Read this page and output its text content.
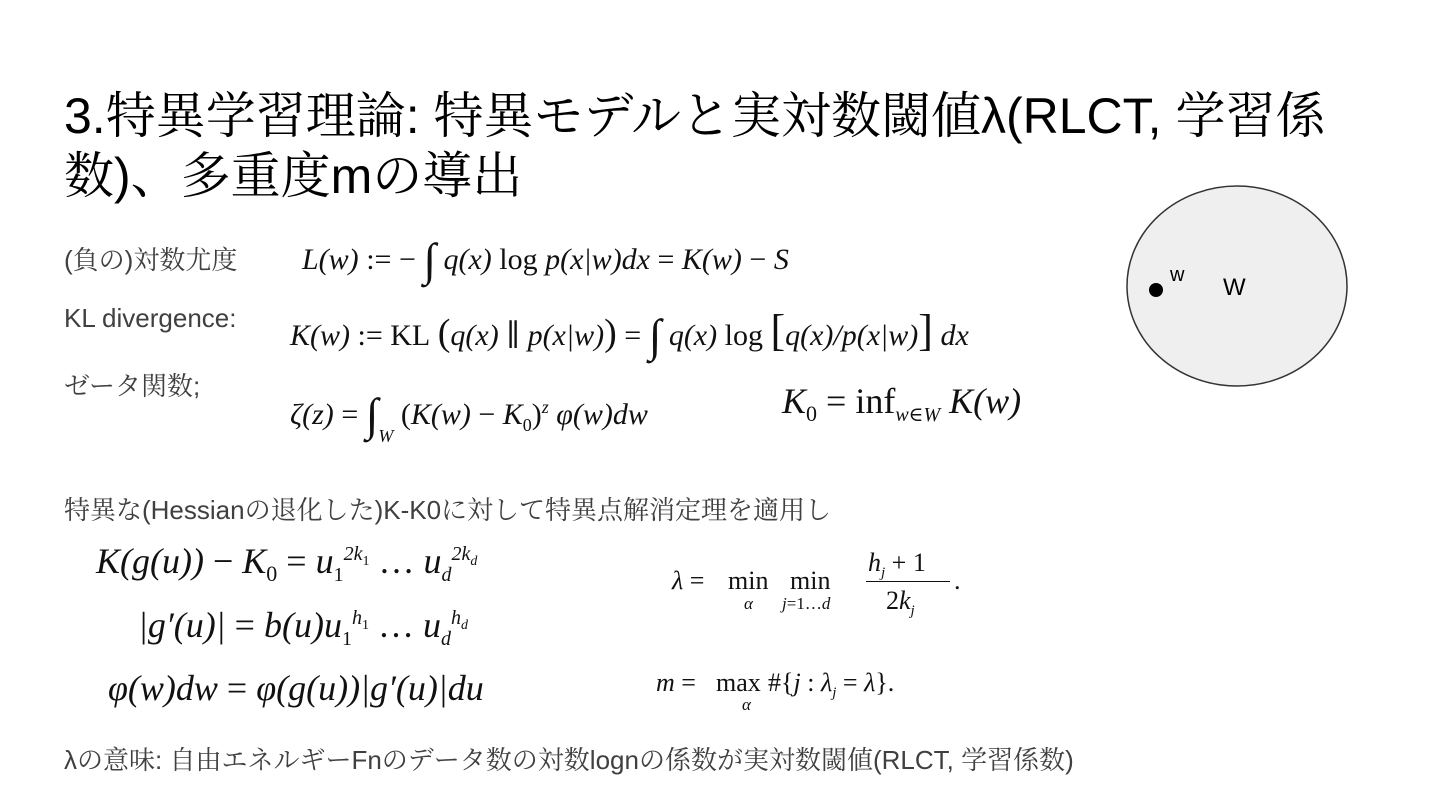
3.特異学習理論: 特異モデルと実対数閾値λ(RLCT, 学習係数)、多重度mの導出
(負の)対数尤度
KL divergence:
ゼータ関数;
L(w) := − ∫ q(x) log p(x|w)dx = K(w) − S
K(w) := KL (q(x) ∥ p(x|w)) = ∫ q(x) log [q(x)/p(x|w)] dx
$\zeta(z) = \int_W$ $(K(w) - K_0)^z$ φ(w)dw	$K_0 = inf_{w\in W}$ K(w)
w W
特異な(Hessianの退化した)K-K0に対して特異点解消定理を適用し
$K(g(u)) - K_0 = u_1^{2k_1}$ … $u_d^{2k_d}$
$|g'(u)| = b(u)u_1^{h_1}$ … $u_d^{h_d}$
φ(w)dw = φ(g(u))|g′(u)|du
λ = min
α
min
j=1…d
$h_j + 1$
$2k_j$
.
m = max
α
#{j : $\lambda_j = \lambda$}.
λの意味: 自由エネルギーFnのデータ数の対数lognの係数が実対数閾値(RLCT, 学習係数)
